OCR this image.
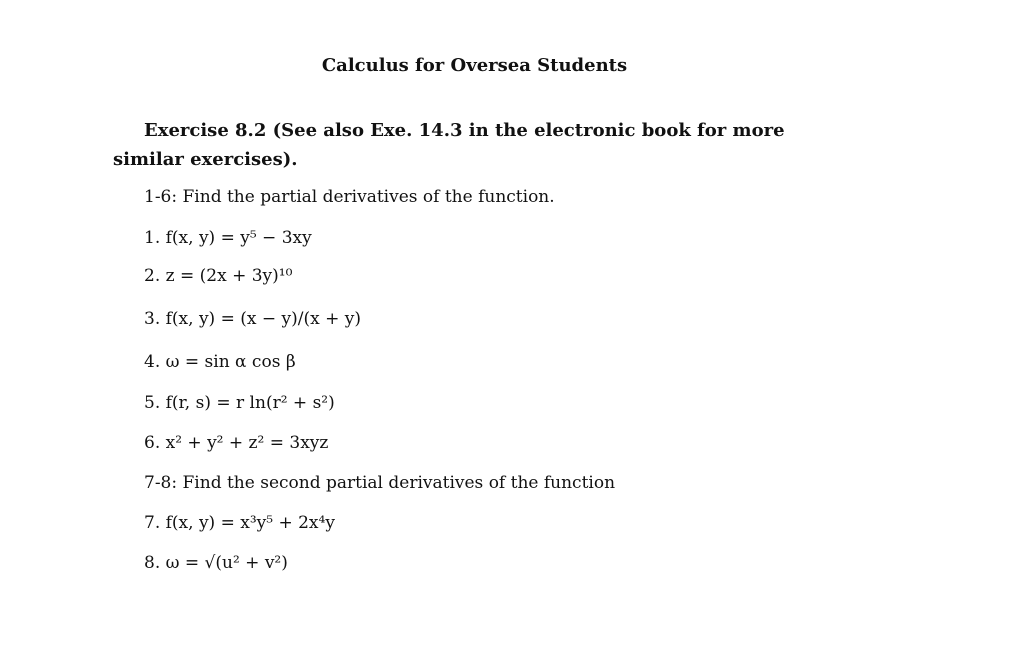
Calculus for Oversea Students
Exercise 8.2 (See also Exe. 14.3 in the electronic book for more similar exercises).
1-6: Find the partial derivatives of the function.
1. f(x, y) = y⁵ − 3xy
2. z = (2x + 3y)¹⁰
3. f(x, y) = (x − y)/(x + y)
4. ω = sin α cos β
5. f(r, s) = r ln(r² + s²)
6. x² + y² + z² = 3xyz
7-8: Find the second partial derivatives of the function
7. f(x, y) = x³y⁵ + 2x⁴y
8. ω = √(u² + v²)
